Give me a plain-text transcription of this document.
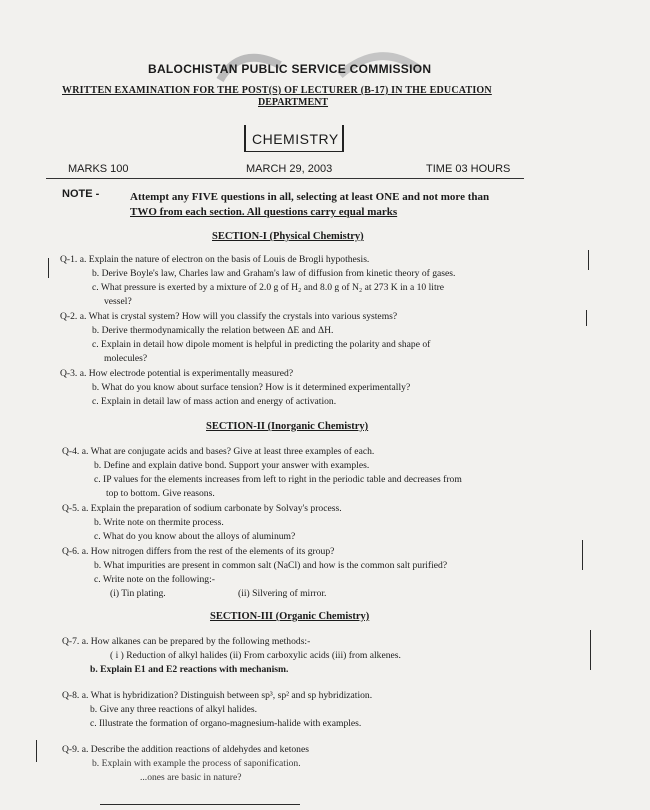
BALOCHISTAN PUBLIC SERVICE COMMISSION
WRITTEN EXAMINATION FOR THE POST(S) OF LECTURER (B-17) IN THE EDUCATION
DEPARTMENT
CHEMISTRY
MARKS 100	MARCH 29, 2003	TIME 03 HOURS
NOTE -	Attempt any FIVE questions in all, selecting at least ONE and not more than
TWO from each section. All questions carry equal marks
SECTION-I (Physical Chemistry)
Q-1. a. Explain the nature of electron on the basis of Louis de Brogli hypothesis.
b. Derive Boyle's law, Charles law and Graham's law of diffusion from kinetic theory of gases.
c. What pressure is exerted by a mixture of 2.0 g of H₂ and 8.0 g of N₂ at 273 K in a 10 litre
vessel?
Q-2. a. What is crystal system? How will you classify the crystals into various systems?
b. Derive thermodynamically the relation between ΔE and ΔH.
c. Explain in detail how dipole moment is helpful in predicting the polarity and shape of
molecules?
Q-3. a. How electrode potential is experimentally measured?
b. What do you know about surface tension? How is it determined experimentally?
c. Explain in detail law of mass action and energy of activation.
SECTION-II (Inorganic Chemistry)
Q-4. a. What are conjugate acids and bases? Give at least three examples of each.
b. Define and explain dative bond. Support your answer with examples.
c. IP values for the elements increases from left to right in the periodic table and decreases from
top to bottom. Give reasons.
Q-5. a. Explain the preparation of sodium carbonate by Solvay's process.
b. Write note on thermite process.
c. What do you know about the alloys of aluminum?
Q-6. a. How nitrogen differs from the rest of the elements of its group?
b. What impurities are present in common salt (NaCl) and how is the common salt purified?
c. Write note on the following:-
(i) Tin plating.	(ii) Silvering of mirror.
SECTION-III (Organic Chemistry)
Q-7. a. How alkanes can be prepared by the following methods:-
( i ) Reduction of alkyl halides (ii) From carboxylic acids (iii) from alkenes.
b. Explain E1 and E2 reactions with mechanism.
Q-8. a. What is hybridization? Distinguish between sp³, sp² and sp hybridization.
b. Give any three reactions of alkyl halides.
c. Illustrate the formation of organo-magnesium-halide with examples.
Q-9. a. Describe the addition reactions of aldehydes and ketones
b. Explain with example the process of saponification.
...ones are basic in nature?
